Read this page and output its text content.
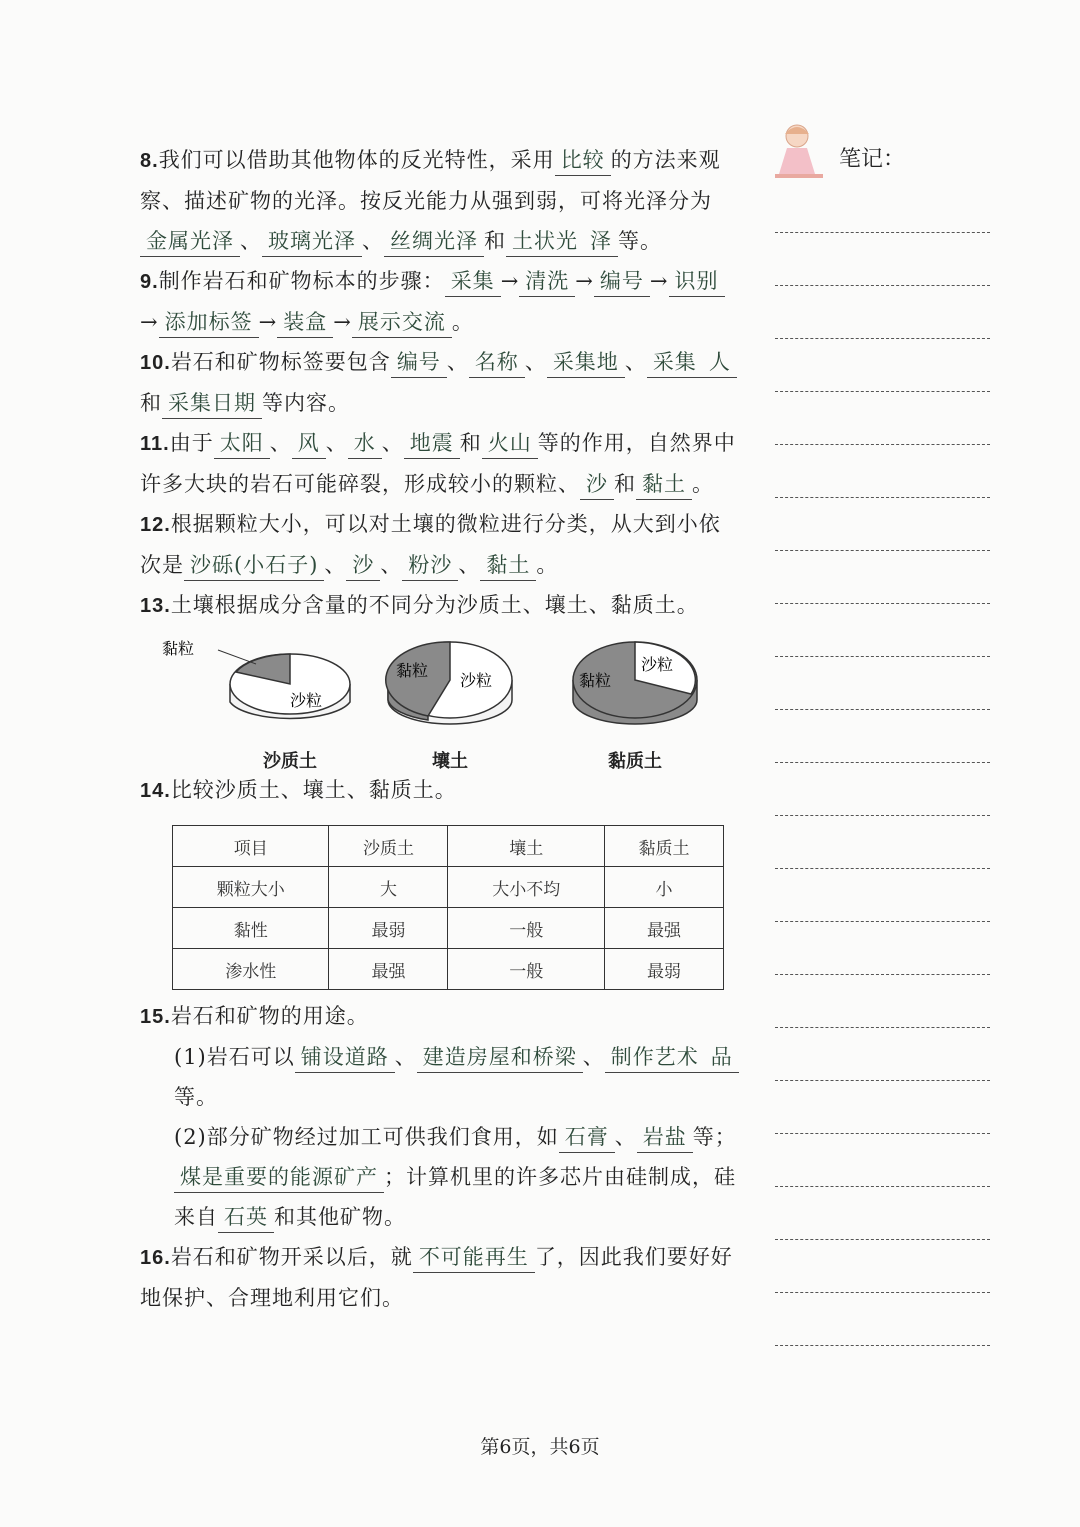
8.我们可以借助其他物体的反光特性，采用 比较 的方法来观察、描述矿物的光泽。按反光能力从强到弱，可将光泽分为金属光泽 、 玻璃光泽 、 丝绸光泽 和 土状光 泽 等。
9.制作岩石和矿物标本的步骤： 采集 → 清洗 → 编号 → 识别→ 添加标签 → 装盒 → 展示交流 。
10.岩石和矿物标签要包含 编号 、 名称 、 采集地 、 采集 人和 采集日期 等内容。
11.由于 太阳 、 风 、 水 、 地震 和 火山 等的作用，自然界中许多大块的岩石可能碎裂，形成较小的颗粒、 沙 和 黏土 。
12.根据颗粒大小，可以对土壤的微粒进行分类，从大到小依次是 沙砾(小石子) 、 沙 、 粉沙 、 黏土 。
13.土壤根据成分含量的不同分为沙质土、壤土、黏质土。
黏粒
沙粒
沙质土
黏粒
沙粒
壤土
黏粒
沙粒
黏质土
14.比较沙质土、壤土、黏质土。
项目	沙质土	壤土	黏质土
颗粒大小	大	大小不均	小
黏性	最弱	一般	最强
渗水性	最强	一般	最弱
15.岩石和矿物的用途。
(1)岩石可以 铺设道路 、 建造房屋和桥梁 、 制作艺术 品等。
(2)部分矿物经过加工可供我们食用，如 石膏 、 岩盐 等；煤是重要的能源矿产 ；计算机里的许多芯片由硅制成，硅来自 石英 和其他矿物。
16.岩石和矿物开采以后，就 不可能再生 了，因此我们要好好地保护、合理地利用它们。
笔记：
第6页，共6页
